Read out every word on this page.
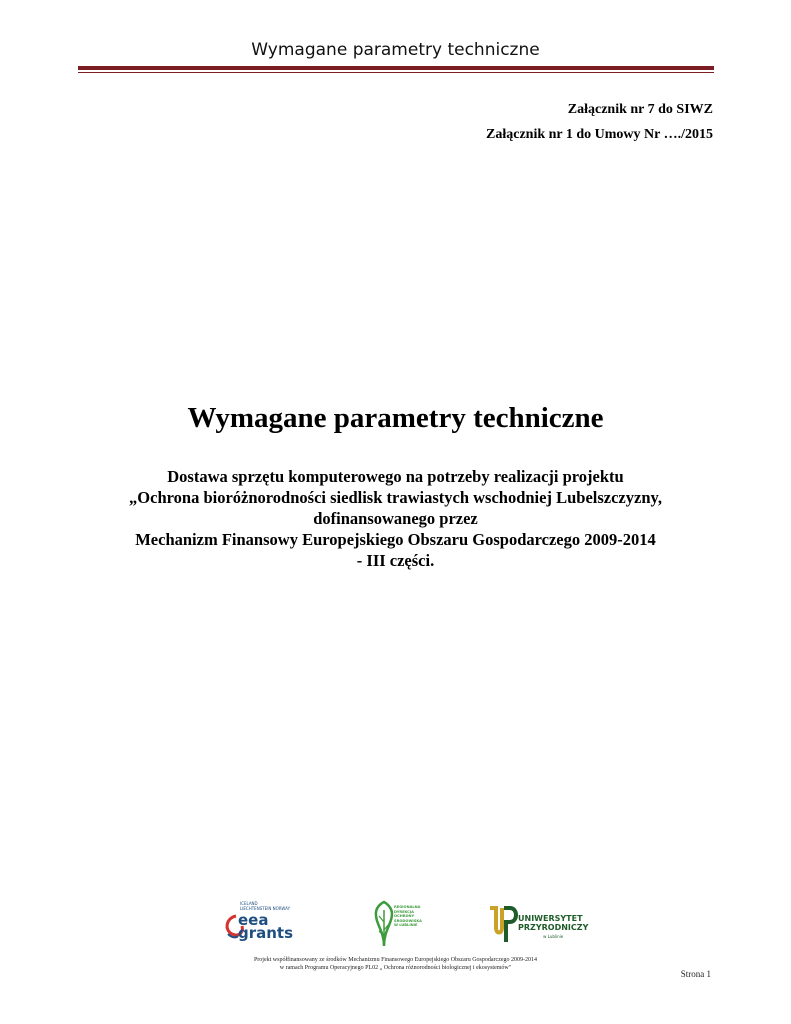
Wymagane parametry techniczne
Załącznik nr 7 do SIWZ
Załącznik nr 1 do Umowy Nr …./2015
Wymagane parametry techniczne
Dostawa sprzętu komputerowego na potrzeby realizacji projektu
„Ochrona bioróżnorodności siedlisk trawiastych wschodniej Lubelszczyzny,
dofinansowanego przez
Mechanizm Finansowy Europejskiego Obszaru Gospodarczego 2009-2014
- III części.
ICELAND LIECHTENSTEIN NORWAY
eea
grants
REGIONALNA DYREKCJA OCHRONY ŚRODOWISKA W LUBLINIE
UNIWERSYTET
PRZYRODNICZY
w Lublinie
Projekt współfinansowany ze środków Mechanizmu Finansowego Europejskiego Obszaru Gospodarczego 2009-2014
w ramach Programu Operacyjnego PL02 „ Ochrona różnorodności biologicznej i ekosystemów"
Strona 1
